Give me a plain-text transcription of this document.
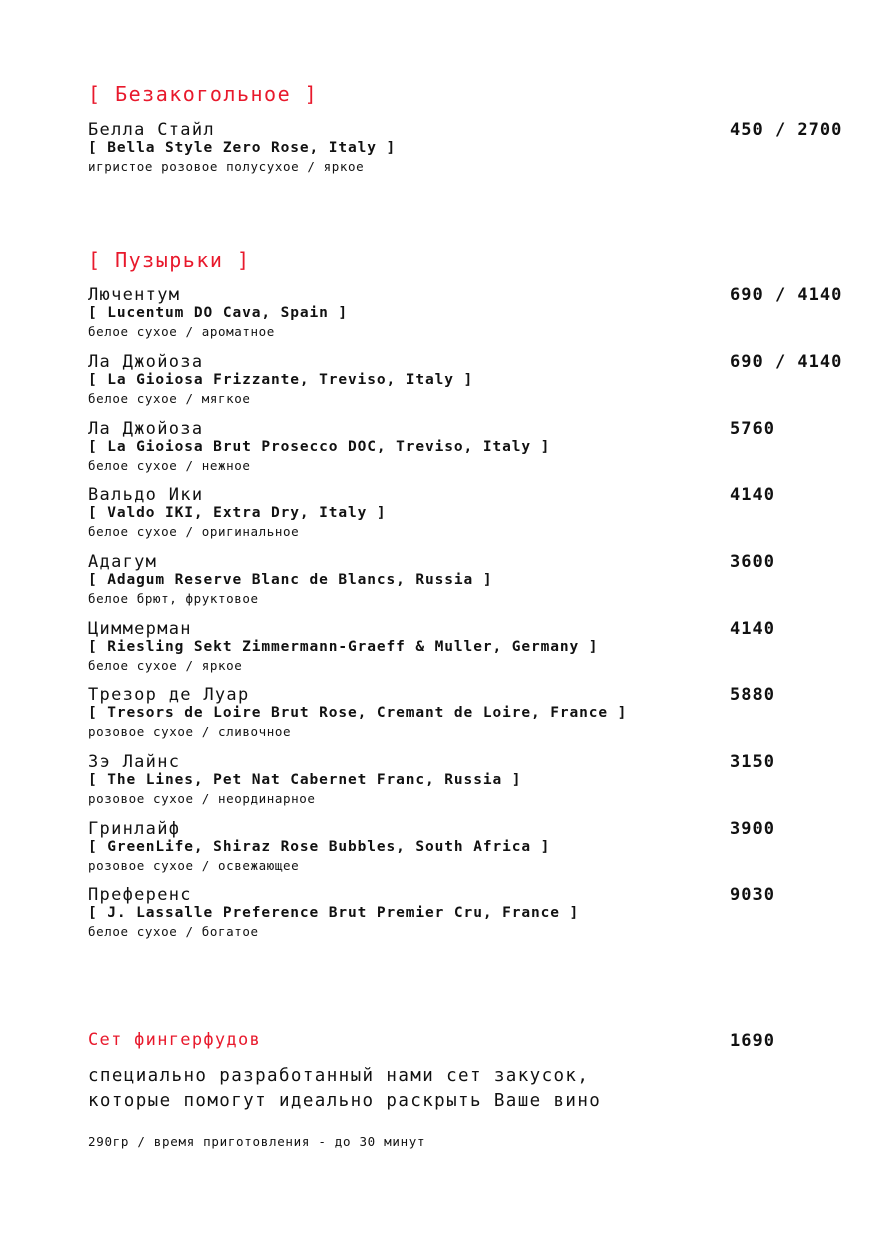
[ Безакогольное ]
Белла Стайл
[ Bella Style Zero Rose, Italy ]
игристое розовое полусухое / яркое
450 / 2700
[ Пузырьки ]
Лючентум
[ Lucentum DO Cava, Spain ]
белое сухое / ароматное
690 / 4140
Ла Джойоза
[ La Gioiosa Frizzante, Treviso, Italy ]
белое сухое / мягкое
690 / 4140
Ла Джойоза
[ La Gioiosa Brut Prosecco DOC, Treviso, Italy ]
белое сухое / нежное
5760
Вальдо Ики
[ Valdo IKI, Extra Dry, Italy ]
белое сухое / оригинальное
4140
Адагум
[ Adagum Reserve Blanc de Blancs, Russia ]
белое брют, фруктовое
3600
Циммерман
[ Riesling Sekt Zimmermann-Graeff & Muller, Germany ]
белое сухое / яркое
4140
Трезор де Луар
[ Tresors de Loire Brut Rose, Cremant de Loire, France ]
розовое сухое / сливочное
5880
Зэ Лайнс
[ The Lines, Pet Nat Cabernet Franc, Russia ]
розовое сухое / неординарное
3150
Гринлайф
[ GreenLife, Shiraz Rose Bubbles, South Africa ]
розовое сухое / освежающее
3900
Преференс
[ J. Lassalle Preference Brut Premier Cru, France ]
белое сухое / богатое
9030
Сет фингерфудов	1690
специально разработанный нами сет закусок,
которые помогут идеально раскрыть Ваше вино
290гр / время приготовления - до 30 минут
